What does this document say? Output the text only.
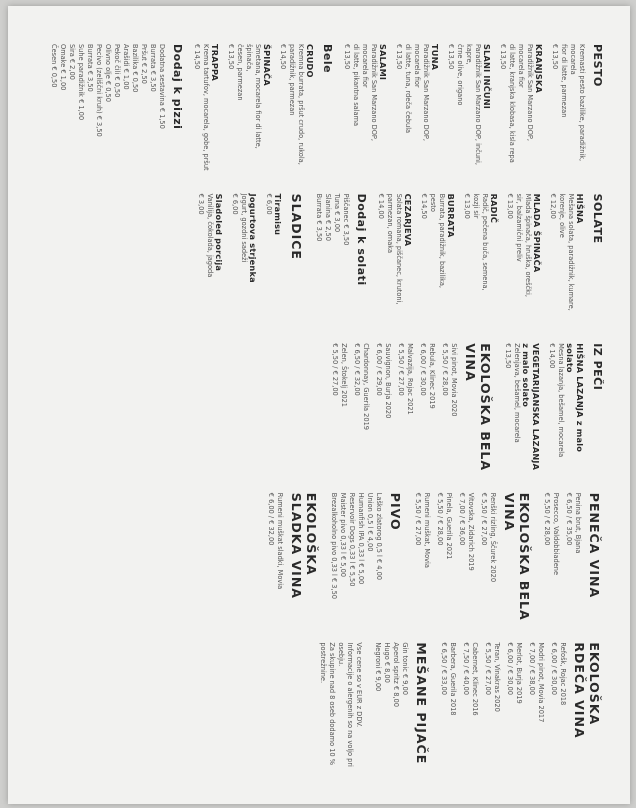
PESTO
Kremasti pesto bazilike, paradižnik, mocarela
fior di latte, parmezan
€ 13,50
KRANJSKA
Paradižnik San Marzano DOP, mocarela fior
di latte, kranjska klobasa, kisla repa
€ 13,50
SLANI INČUNI
Paradižnik San Marzano DOP, inčuni, kapre,
črne olive, origano
€ 13,50
TUNA
Paradižnik San Marzano DOP, mocarela fior
di latte, tuna, rdeča čebula
€ 13,50
SALAMI
Paradižnik San Marzano DOP, mocarela fior
di latte, pikantna salama
€ 13,50
Bele
CRUDO
Kremna burrata, pršut crudo, rukola,
paradižnik, parmezan
€ 14,50
ŠPINAČA
Smetana, mocarela fior di latte, špinača,
česen, parmezan
€ 13,50
TRAPPA
Krema tartufov, mocarela, gobe, pršut
€ 14,50
Dodaj k pizzi
Dodatna sestavina € 1,50
Burrata € 3,50
Pršut € 2,50
Bazilika € 0,50
Arašidi € 1,00
Pekoč čili € 0,50
Olivno olje € 0,50
Pecivo (zeliščni kruh) € 3,50
Burrata € 3,50
Suhe paradižnik € 1,00
Sira € 2,00
Omake € 1,00
Česen € 0,50
SOLATE
HIŠNA
Mešana solata, paradižnik, kumare,
korenje, olive
€ 12,00
MLADA ŠPINAČA
Mlada špinača, hruška, oreščki,
sir, balzamični preliv
€ 13,00
RADIČ
Radič, pečena buča, semena,
kozji sir
€ 13,00
BURRATA
Burrata, paradižnik, bazilika,
pesto
€ 14,50
CEZARJEVA
Solata romana, piščanec, krutoni,
parmezan, omaka
€ 14,00
Dodaj k solati
Piščanec € 3,50
Tuna € 3,00
Slanina € 2,50
Burrata € 3,50
SLADICE
Tiramisu
€ 6,00
Jogurtova strjenka
Jogurt, gozdni sadeži
€ 6,00
Sladoled porcija
Vanilija, čokolada, jagoda
€ 3,00
IZ PEČI
HIŠNA LAZANJA z malo solato
Mesna lazanja, bešamel, mocarela
€ 14,00
VEGETARIJANSKA LAZANJA z malo solato
Zelenjava, bešamel, mocarela
€ 13,50
EKOLOŠKA BELA VINA
Sivi pinot, Movia 2020
€ 5,50 / € 28,00
Rebula, Klinec 2019
€ 6,00 / € 30,00
Malvazija, Rojac 2021
€ 5,50 / € 27,00
Sauvignon, Burja 2020
€ 6,00 / € 29,00
Chardonnay, Guerila 2019
€ 6,50 / € 32,00
Zelen, Štokelj 2021
€ 5,50 / € 27,00
PENEČA VINA
Penina brut, Bjana
€ 6,50 / € 35,00
Prosecco, Valdobbiadene
€ 5,50 / € 28,00
EKOLOŠKA BELA VINA
Renški rizling, Ščurek 2020
€ 5,50 / € 27,00
Vitovska, Zidarich 2019
€ 7,00 / € 36,00
Pinela, Guerila 2021
€ 5,50 / € 28,00
Rumeni muškat, Movia
€ 5,50 / € 27,00
PIVO
Laško zlatorog 0,5 l € 4,00
Union 0,5 l € 4,00
Humanfish IPA 0,33 l € 5,00
Reservoir Dogs 0,33 l € 5,50
Maister pivo 0,33 l € 5,00
Brezalkoholno pivo 0,33 l € 3,50
EKOLOŠKA SLADKA VINA
Rumeni muškat sladki, Movia
€ 6,00 / € 32,00
EKOLOŠKA RDEČA VINA
Refošk, Rojac 2018
€ 6,00 / € 30,00
Modri pinot, Movia 2017
€ 7,00 / € 38,00
Merlot, Burja 2019
€ 6,00 / € 30,00
Teran, Vinakras 2020
€ 5,50 / € 27,00
Cabernet, Klinec 2016
€ 7,50 / € 40,00
Barbera, Guerila 2018
€ 6,50 / € 33,00
MEŠANE PIJAČE
Gin tonic € 9,00
Aperol spritz € 8,00
Hugo € 8,00
Negroni € 9,00
Vse cene so v EUR z DDV.
Informacije o alergenih so na voljo pri osebju.
Za skupine nad 8 oseb dodamo 10 % postrežnine.
